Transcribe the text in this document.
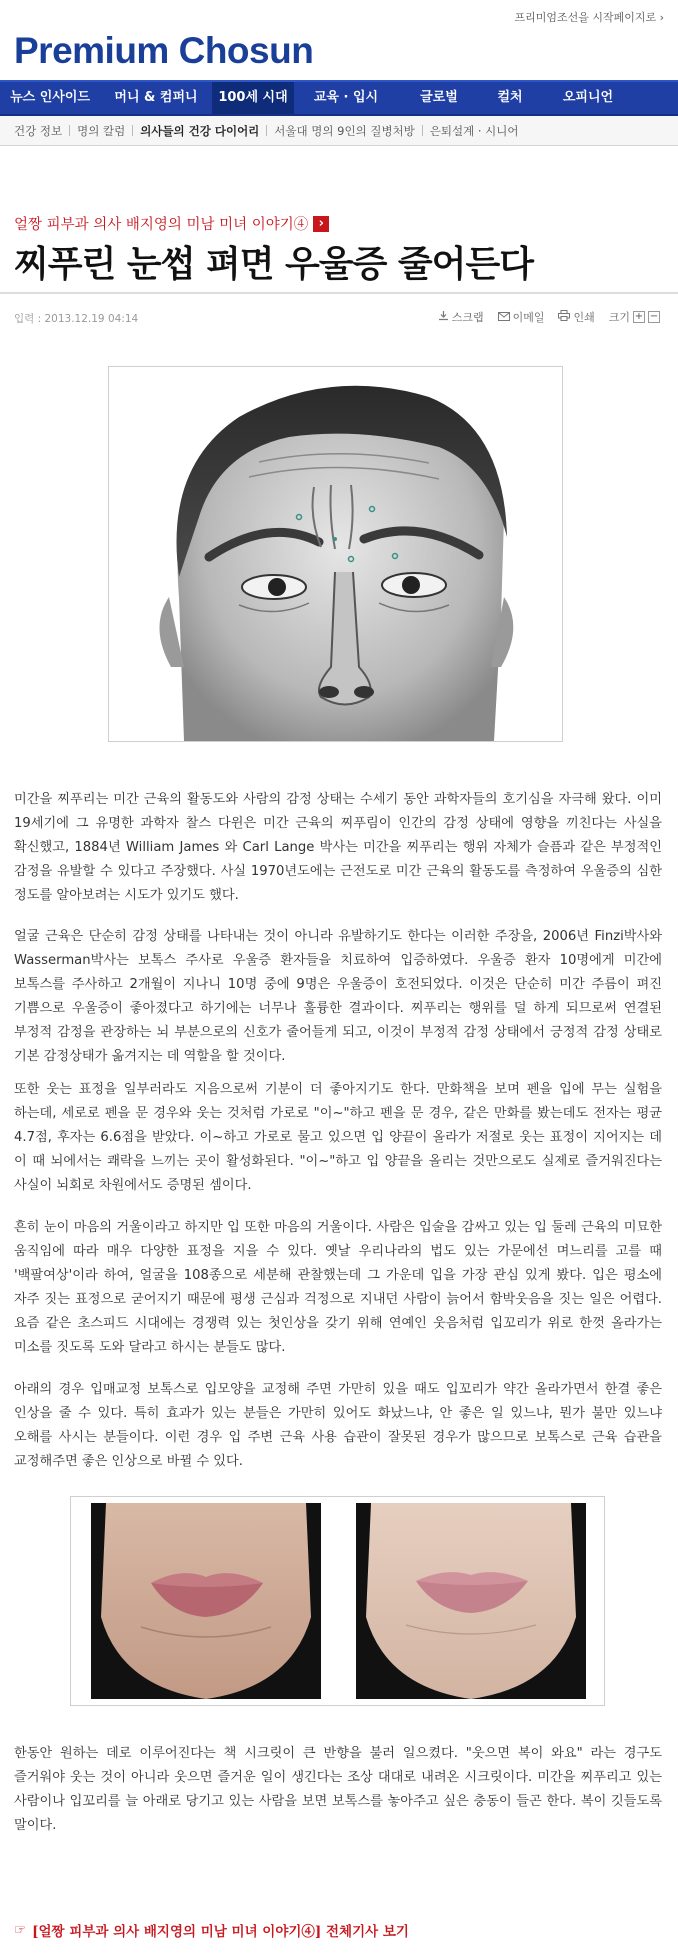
프리미엄조선을 시작페이지로 ›
Premium Chosun
뉴스 인사이드	머니 & 컴퍼니	100세 시대	교육 · 입시	글로벌	컬처	오피니언
건강 정보 명의 칼럼 의사들의 건강 다이어리 서울대 명의 9인의 질병처방 은퇴설계 · 시니어
얼짱 피부과 의사 배지영의 미남 미녀 이야기④ ›
찌푸린 눈썹 펴면 우울증 줄어든다
입력 : 2013.12.19 04:14	스크랩	이메일	인쇄 크기 + −
미간을 찌푸리는 미간 근육의 활동도와 사람의 감정 상태는 수세기 동안 과학자들의 호기심을 자극해 왔다. 이미 19세기에 그 유명한 과학자 찰스 다윈은 미간 근육의 찌푸림이 인간의 감정 상태에 영향을 끼친다는 사실을 확신했고, 1884년 William James 와 Carl Lange 박사는 미간을 찌푸리는 행위 자체가 슬픔과 같은 부정적인 감정을 유발할 수 있다고 주장했다. 사실 1970년도에는 근전도로 미간 근육의 활동도를 측정하여 우울증의 심한 정도를 알아보려는 시도가 있기도 했다.
얼굴 근육은 단순히 감정 상태를 나타내는 것이 아니라 유발하기도 한다는 이러한 주장을, 2006년 Finzi박사와 Wasserman박사는 보톡스 주사로 우울증 환자들을 치료하여 입증하였다. 우울증 환자 10명에게 미간에 보톡스를 주사하고 2개월이 지나니 10명 중에 9명은 우울증이 호전되었다. 이것은 단순히 미간 주름이 펴진 기쁨으로 우울증이 좋아졌다고 하기에는 너무나 훌륭한 결과이다. 찌푸리는 행위를 덜 하게 되므로써 연결된 부정적 감정을 관장하는 뇌 부분으로의 신호가 줄어들게 되고, 이것이 부정적 감정 상태에서 긍정적 감정 상태로 기본 감정상태가 옮겨지는 데 역할을 할 것이다.
또한 웃는 표정을 일부러라도 지음으로써 기분이 더 좋아지기도 한다. 만화책을 보며 펜을 입에 무는 실험을 하는데, 세로로 펜을 문 경우와 웃는 것처럼 가로로 "이~"하고 펜을 문 경우, 같은 만화를 봤는데도 전자는 평균 4.7점, 후자는 6.6점을 받았다. 이~하고 가로로 물고 있으면 입 양끝이 올라가 저절로 웃는 표정이 지어지는 데 이 때 뇌에서는 쾌락을 느끼는 곳이 활성화된다. "이~"하고 입 양끝을 올리는 것만으로도 실제로 즐거워진다는 사실이 뇌회로 차원에서도 증명된 셈이다.
흔히 눈이 마음의 거울이라고 하지만 입 또한 마음의 거울이다. 사람은 입술을 감싸고 있는 입 둘레 근육의 미묘한 움직임에 따라 매우 다양한 표정을 지을 수 있다. 옛날 우리나라의 법도 있는 가문에선 며느리를 고를 때 '백팔여상'이라 하여, 얼굴을 108종으로 세분해 관찰했는데 그 가운데 입을 가장 관심 있게 봤다. 입은 평소에 자주 짓는 표정으로 굳어지기 때문에 평생 근심과 걱정으로 지내던 사람이 늙어서 함박웃음을 짓는 일은 어렵다. 요즘 같은 초스피드 시대에는 경쟁력 있는 첫인상을 갖기 위해 연예인 웃음처럼 입꼬리가 위로 한껏 올라가는 미소를 짓도록 도와 달라고 하시는 분들도 많다.
아래의 경우 입매교정 보톡스로 입모양을 교정해 주면 가만히 있을 때도 입꼬리가 약간 올라가면서 한결 좋은 인상을 줄 수 있다. 특히 효과가 있는 분들은 가만히 있어도 화났느냐, 안 좋은 일 있느냐, 뭔가 불만 있느냐 오해를 사시는 분들이다. 이런 경우 입 주변 근육 사용 습관이 잘못된 경우가 많으므로 보톡스로 근육 습관을 교정해주면 좋은 인상으로 바뀔 수 있다.
한동안 원하는 데로 이루어진다는 책 시크릿이 큰 반향을 불러 일으켰다. "웃으면 복이 와요" 라는 경구도 즐거워야 웃는 것이 아니라 웃으면 즐거운 일이 생긴다는 조상 대대로 내려온 시크릿이다. 미간을 찌푸리고 있는 사람이나 입꼬리를 늘 아래로 당기고 있는 사람을 보면 보톡스를 놓아주고 싶은 충동이 들곤 한다. 복이 깃들도록 말이다.
☞ [얼짱 피부과 의사 배지영의 미남 미녀 이야기④] 전체기사 보기
